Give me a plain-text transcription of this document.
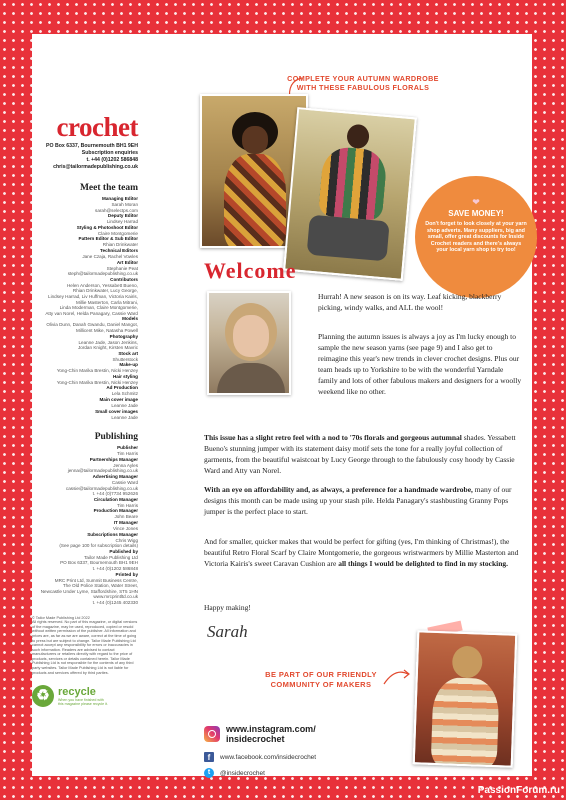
crochet
PO Box 6337, Bournemouth BH1 9EH
Subscription enquiries
t. +44 (0)1202 586848
chris@tailormadepublishing.co.uk
Meet the team
Managing Editor
Sarah Moran
sarah@selectps.com
Deputy Editor
Lindsey Harrad
Styling & Photoshoot Editor
Claire Montgomerie
Pattern Editor & Sub Editor
Rhian Drinkwater
Technical Editors
Jane Czaja, Rachel Vowles
Art Editor
Stephanie Peat
steph@tailormadepublishing.co.uk
Contributors
Helen Anderson, Yessabett Bueno,
Rhian Drinkwater, Lucy George,
Lindsey Harrad, Liv Huffman, Victoria Kairis,
Millie Masterton, Carla Mitrani,
Linda Moderman, Claire Montgomerie,
Atty van Norel, Helda Panagary, Cassie Ward
Models
Olivia Dunn, Danah Gwandu, Daniel Mangot,
Millicent Mike, Natasha Powell
Photography
Leanne Jade, Jason Jenkins,
Jordan Knight, Kirsten Mavric
Stock art
Shutterstock
Make-up
Yong-Chin Marika Brestin, Nicki Henzey
Hair styling
Yong-Chin Marika Brestin, Nicki Henzey
Ad Production
Lela Schmitz
Main cover image
Leanne Jade
Small cover images
Leanne Jade
Publishing
Publisher
Tim Harris
Partnerships Manager
Jenna Ayles
jenna@tailormadepublishing.co.uk
Advertising Manager
Cassie Ward
cassie@tailormadepublishing.co.uk
t. +44 (0)7734 952626
Circulation Manager
Tim Harris
Production Manager
John Beare
IT Manager
Vince Jones
Subscriptions Manager
Chris Wigg
(See page 100 for subscription details)
Published by
Tailor Made Publishing Ltd
PO Box 6337, Bournemouth BH1 9EH
t. +44 (0)1202 586848
Printed by
MRC Print Ltd, Summit Business Centre,
The Old Police Station, Water Street,
Newcastle Under Lyme, Staffordshire, ST5 1HN
www.mrcprintltd.co.uk
t. +44 (0)1245 402330
© Tailor Made Publishing Ltd 2022
All rights reserved. No part of this magazine, or digital versions of the magazine, may be used, reproduced, copied or resold without written permission of the publisher. All information and prices are, as far as we are aware, correct at the time of going to press but are subject to change. Tailor Made Publishing Ltd cannot accept any responsibility for errors or inaccuracies in such information. Readers are advised to contact manufacturers or retailers directly with regard to the price of products, services or details contained herein. Tailor Made Publishing Ltd is not responsible for the contents of any third party websites. Tailor Made Publishing Ltd is not liable for products and services offered by third parties.
♻ recycle
When you have finished with
this magazine please recycle it.
COMPLETE YOUR AUTUMN WARDROBE WITH THESE FABULOUS FLORALS
❤
SAVE MONEY!
Don't forget to look closely at your yarn shop adverts. Many suppliers, big and small, offer great discounts for Inside Crochet readers and there's always your local yarn shop to try too!
Welcome
Hurrah! A new season is on its way. Leaf kicking, blackberry picking, windy walks, and ALL the wool!
Planning the autumn issues is always a joy as I'm lucky enough to sample the new season yarns (see page 9) and I also get to reimagine this year's new trends in clever crochet designs. Plus our team heads up to Yorkshire to be with the wonderful Yarndale family and lots of other fabulous makers and designers for a woolly weekend like no other.
This issue has a slight retro feel with a nod to '70s florals and gorgeous autumnal shades. Yessabett Bueno's stunning jumper with its statement daisy motif sets the tone for a really joyful collection of garments, from the beautiful waistcoat by Lucy George through to the fabulously cosy hoody by Cassie Ward and Atty van Norel.
With an eye on affordability and, as always, a preference for a handmade wardrobe, many of our designs this month can be made using up your stash pile. Helda Panagary's stashbusting Granny Pops jumper is the perfect place to start.
And for smaller, quicker makes that would be perfect for gifting (yes, I'm thinking of Christmas!), the beautiful Retro Floral Scarf by Claire Montgomerie, the gorgeous wristwarmers by Millie Masterton and Victoria Kairis's sweet Caravan Cushion are all things I would be delighted to find in my stocking.
Happy making!
Sarah
BE PART OF OUR FRIENDLY COMMUNITY OF MAKERS
www.instagram.com/
insidecrochet
f	www.facebook.com/insidecrochet
t	@insidecrochet	www.insidecrochet.co.uk 5
PassionForum.ru
